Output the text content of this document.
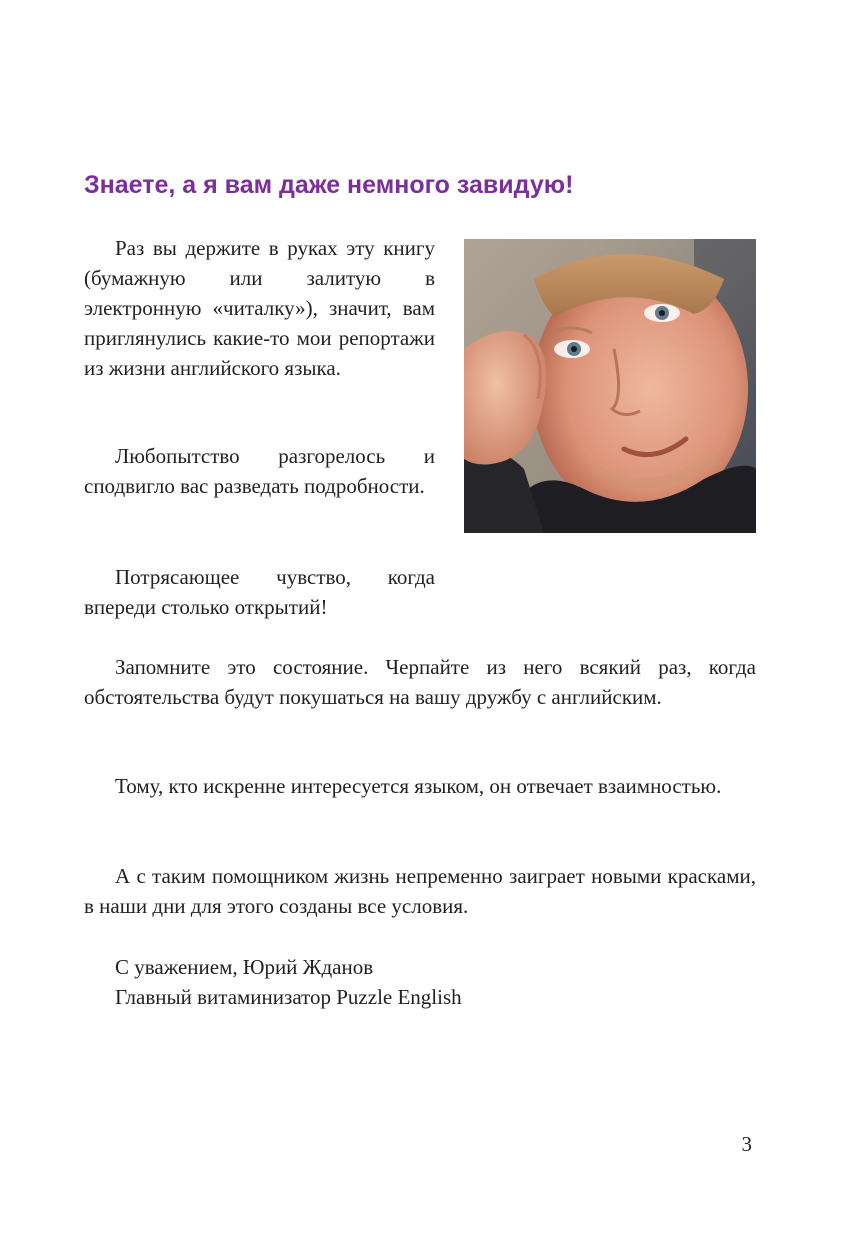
Знаете, а я вам даже немного завидую!

Раз вы держите в руках эту книгу (бумажную или залитую в электронную «читалку»), значит, вам приглянулись какие-то мои репортажи из жизни английского языка.

Любопытство разгорелось и сподвигло вас разведать подробности.

Потрясающее чувство, когда впереди столько открытий!

Запомните это состояние. Черпайте из него всякий раз, когда обстоятельства будут покушаться на вашу дружбу с английским.

Тому, кто искренне интересуется языком, он отвечает взаимностью.

А с таким помощником жизнь непременно заиграет новыми красками, в наши дни для этого созданы все условия.

С уважением, Юрий Жданов
Главный витаминизатор Puzzle English
3
